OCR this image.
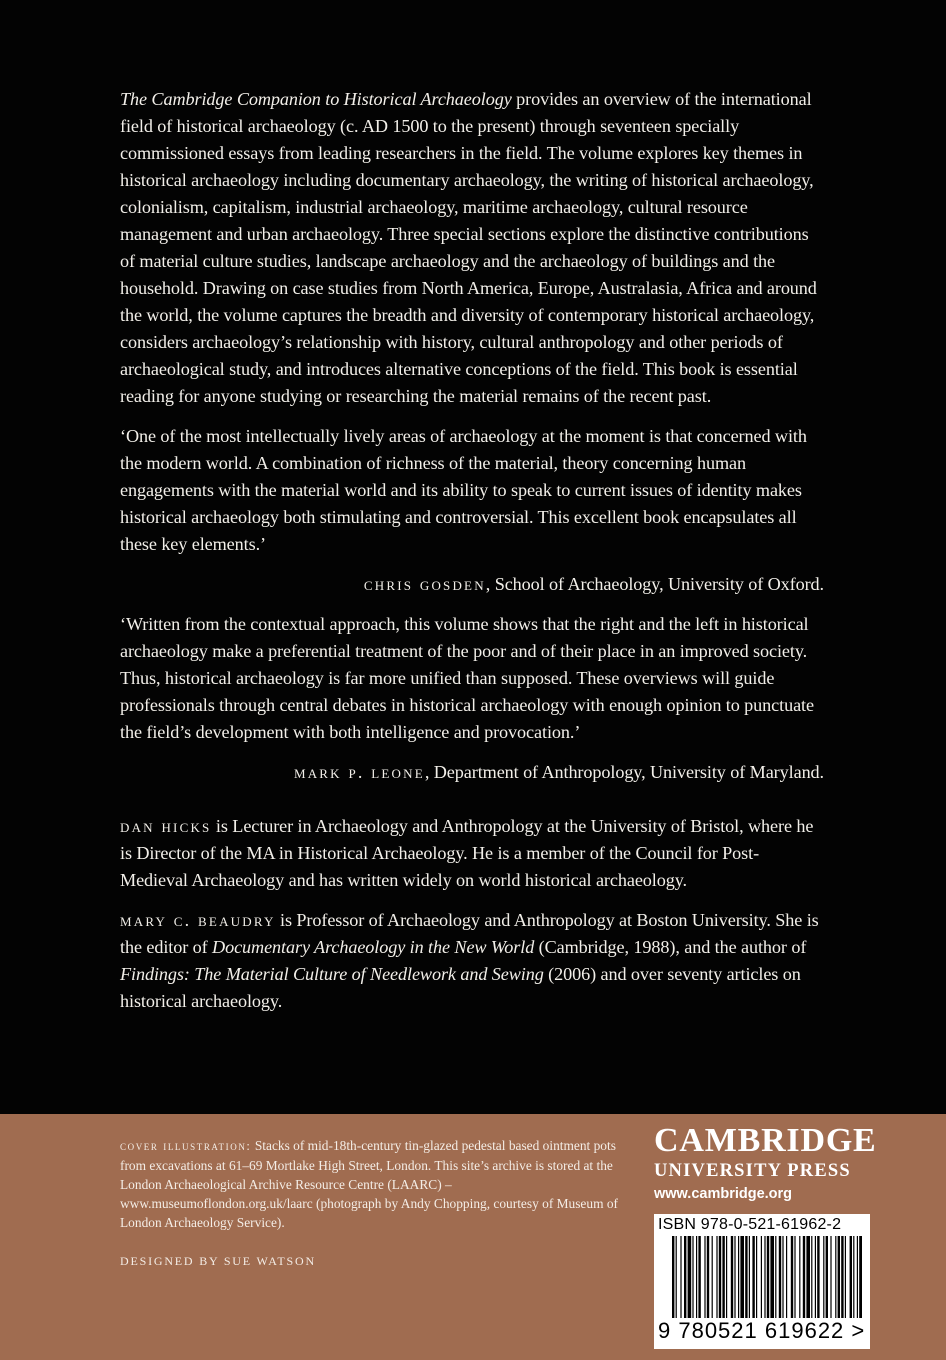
The Cambridge Companion to Historical Archaeology provides an overview of the international field of historical archaeology (c. AD 1500 to the present) through seventeen specially commissioned essays from leading researchers in the field. The volume explores key themes in historical archaeology including documentary archaeology, the writing of historical archaeology, colonialism, capitalism, industrial archaeology, maritime archaeology, cultural resource management and urban archaeology. Three special sections explore the distinctive contributions of material culture studies, landscape archaeology and the archaeology of buildings and the household. Drawing on case studies from North America, Europe, Australasia, Africa and around the world, the volume captures the breadth and diversity of contemporary historical archaeology, considers archaeology’s relationship with history, cultural anthropology and other periods of archaeological study, and introduces alternative conceptions of the field. This book is essential reading for anyone studying or researching the material remains of the recent past.

‘One of the most intellectually lively areas of archaeology at the moment is that concerned with the modern world. A combination of richness of the material, theory concerning human engagements with the material world and its ability to speak to current issues of identity makes historical archaeology both stimulating and controversial. This excellent book encapsulates all these key elements.’

chris gosden, School of Archaeology, University of Oxford.

‘Written from the contextual approach, this volume shows that the right and the left in historical archaeology make a preferential treatment of the poor and of their place in an improved society. Thus, historical archaeology is far more unified than supposed. These overviews will guide professionals through central debates in historical archaeology with enough opinion to punctuate the field’s development with both intelligence and provocation.’

mark p. leone, Department of Anthropology, University of Maryland.

dan hicks is Lecturer in Archaeology and Anthropology at the University of Bristol, where he is Director of the MA in Historical Archaeology. He is a member of the Council for Post-Medieval Archaeology and has written widely on world historical archaeology.

mary c. beaudry is Professor of Archaeology and Anthropology at Boston University. She is the editor of Documentary Archaeology in the New World (Cambridge, 1988), and the author of Findings: The Material Culture of Needlework and Sewing (2006) and over seventy articles on historical archaeology.

cover illustration: Stacks of mid-18th-century tin-glazed pedestal based ointment pots from excavations at 61–69 Mortlake High Street, London. This site’s archive is stored at the London Archaeological Archive Resource Centre (LAARC) – www.museumoflondon.org.uk/laarc (photograph by Andy Chopping, courtesy of Museum of London Archaeology Service).
DESIGNED BY SUE WATSON
CAMBRIDGE
UNIVERSITY PRESS
www.cambridge.org
ISBN 978-0-521-61962-2
9 780521 619622 >
